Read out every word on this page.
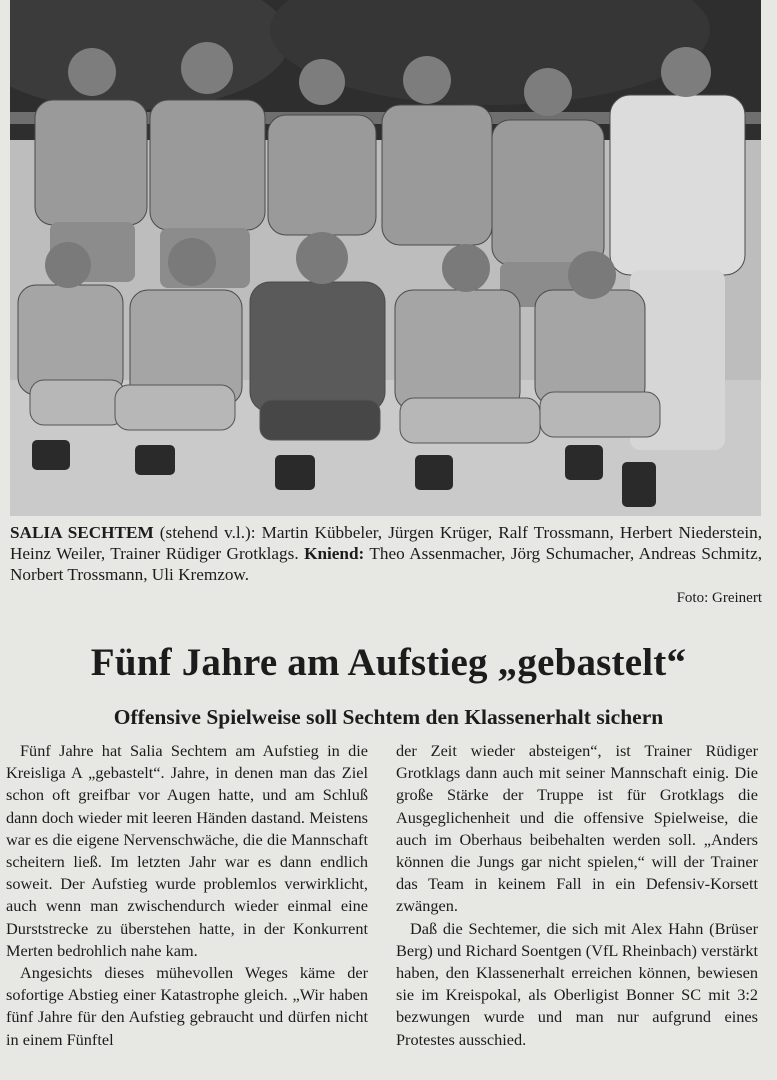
SALIA SECHTEM (stehend v.l.): Martin Kübbeler, Jürgen Krüger, Ralf Trossmann, Herbert Niederstein, Heinz Weiler, Trainer Rüdiger Grotklags. Kniend: Theo Assenmacher, Jörg Schumacher, Andreas Schmitz, Norbert Trossmann, Uli Kremzow.
Foto: Greinert
Fünf Jahre am Aufstieg „gebastelt“
Offensive Spielweise soll Sechtem den Klassenerhalt sichern

Fünf Jahre hat Salia Sechtem am Aufstieg in die Kreisliga A „gebastelt“. Jahre, in denen man das Ziel schon oft greifbar vor Augen hatte, und am Schluß dann doch wieder mit leeren Händen dastand. Meistens war es die eigene Nervenschwäche, die die Mannschaft scheitern ließ. Im letzten Jahr war es dann endlich soweit. Der Aufstieg wurde problemlos verwirklicht, auch wenn man zwischendurch wieder einmal eine Durststrecke zu überstehen hatte, in der Konkurrent Merten bedrohlich nahe kam.

Angesichts dieses mühevollen Weges käme der sofortige Abstieg einer Katastrophe gleich. „Wir haben fünf Jahre für den Aufstieg gebraucht und dürfen nicht in einem Fünftel

der Zeit wieder absteigen“, ist Trainer Rüdiger Grotklags dann auch mit seiner Mannschaft einig. Die große Stärke der Truppe ist für Grotklags die Ausgeglichenheit und die offensive Spielweise, die auch im Oberhaus beibehalten werden soll. „Anders können die Jungs gar nicht spielen,“ will der Trainer das Team in keinem Fall in ein Defensiv-Korsett zwängen.

Daß die Sechtemer, die sich mit Alex Hahn (Brüser Berg) und Richard Soentgen (VfL Rheinbach) verstärkt haben, den Klassenerhalt erreichen können, bewiesen sie im Kreispokal, als Oberligist Bonner SC mit 3:2 bezwungen wurde und man nur aufgrund eines Protestes ausschied.
